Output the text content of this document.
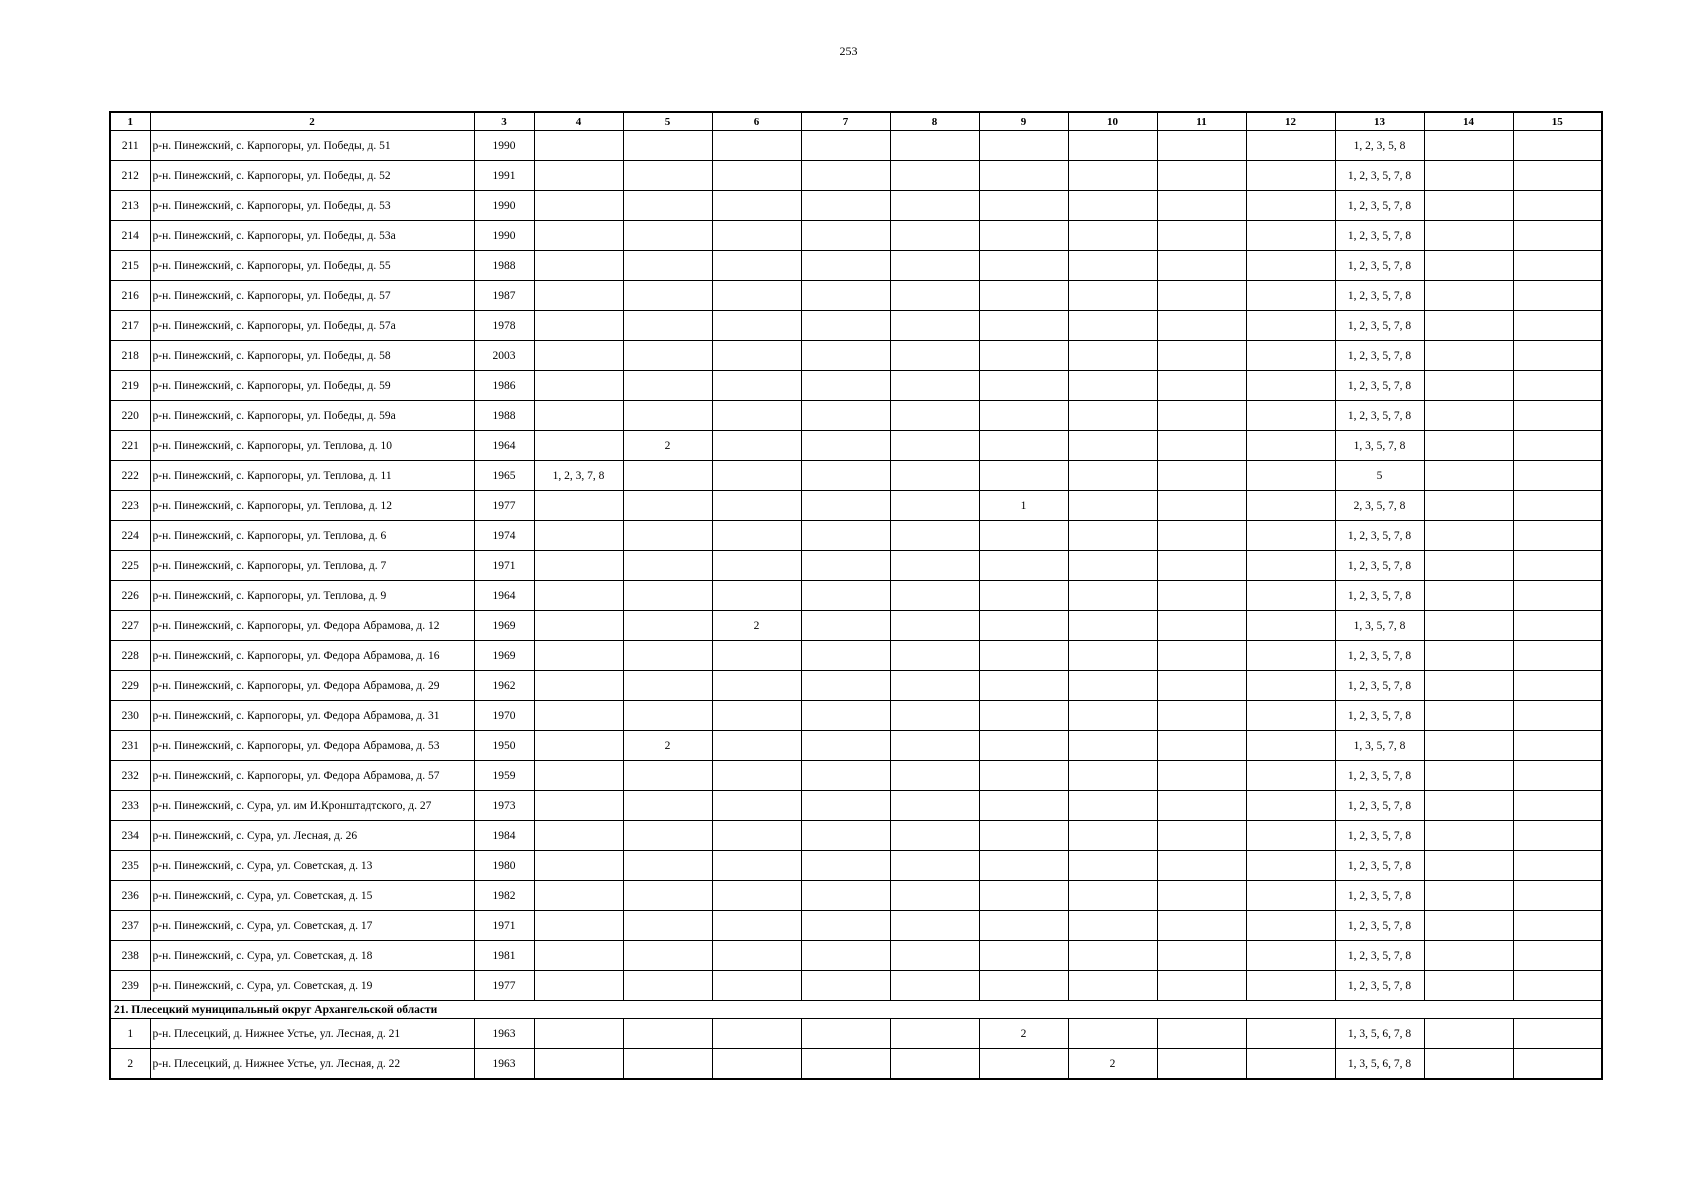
253
1	2	3	4	5	6	7	8	9	10	11	12	13	14	15
211	р-н. Пинежский, с. Карпогоры, ул. Победы, д. 51	1990										1, 2, 3, 5, 8		
212	р-н. Пинежский, с. Карпогоры, ул. Победы, д. 52	1991										1, 2, 3, 5, 7, 8		
213	р-н. Пинежский, с. Карпогоры, ул. Победы, д. 53	1990										1, 2, 3, 5, 7, 8		
214	р-н. Пинежский, с. Карпогоры, ул. Победы, д. 53а	1990										1, 2, 3, 5, 7, 8		
215	р-н. Пинежский, с. Карпогоры, ул. Победы, д. 55	1988										1, 2, 3, 5, 7, 8		
216	р-н. Пинежский, с. Карпогоры, ул. Победы, д. 57	1987										1, 2, 3, 5, 7, 8		
217	р-н. Пинежский, с. Карпогоры, ул. Победы, д. 57а	1978										1, 2, 3, 5, 7, 8		
218	р-н. Пинежский, с. Карпогоры, ул. Победы, д. 58	2003										1, 2, 3, 5, 7, 8		
219	р-н. Пинежский, с. Карпогоры, ул. Победы, д. 59	1986										1, 2, 3, 5, 7, 8		
220	р-н. Пинежский, с. Карпогоры, ул. Победы, д. 59а	1988										1, 2, 3, 5, 7, 8		
221	р-н. Пинежский, с. Карпогоры, ул. Теплова, д. 10	1964		2								1, 3, 5, 7, 8		
222	р-н. Пинежский, с. Карпогоры, ул. Теплова, д. 11	1965	1, 2, 3, 7, 8									5		
223	р-н. Пинежский, с. Карпогоры, ул. Теплова, д. 12	1977						1				2, 3, 5, 7, 8		
224	р-н. Пинежский, с. Карпогоры, ул. Теплова, д. 6	1974										1, 2, 3, 5, 7, 8		
225	р-н. Пинежский, с. Карпогоры, ул. Теплова, д. 7	1971										1, 2, 3, 5, 7, 8		
226	р-н. Пинежский, с. Карпогоры, ул. Теплова, д. 9	1964										1, 2, 3, 5, 7, 8		
227	р-н. Пинежский, с. Карпогоры, ул. Федора Абрамова, д. 12	1969			2							1, 3, 5, 7, 8		
228	р-н. Пинежский, с. Карпогоры, ул. Федора Абрамова, д. 16	1969										1, 2, 3, 5, 7, 8		
229	р-н. Пинежский, с. Карпогоры, ул. Федора Абрамова, д. 29	1962										1, 2, 3, 5, 7, 8		
230	р-н. Пинежский, с. Карпогоры, ул. Федора Абрамова, д. 31	1970										1, 2, 3, 5, 7, 8		
231	р-н. Пинежский, с. Карпогоры, ул. Федора Абрамова, д. 53	1950		2								1, 3, 5, 7, 8		
232	р-н. Пинежский, с. Карпогоры, ул. Федора Абрамова, д. 57	1959										1, 2, 3, 5, 7, 8		
233	р-н. Пинежский, с. Сура, ул. им И.Кронштадтского, д. 27	1973										1, 2, 3, 5, 7, 8		
234	р-н. Пинежский, с. Сура, ул. Лесная, д. 26	1984										1, 2, 3, 5, 7, 8		
235	р-н. Пинежский, с. Сура, ул. Советская, д. 13	1980										1, 2, 3, 5, 7, 8		
236	р-н. Пинежский, с. Сура, ул. Советская, д. 15	1982										1, 2, 3, 5, 7, 8		
237	р-н. Пинежский, с. Сура, ул. Советская, д. 17	1971										1, 2, 3, 5, 7, 8		
238	р-н. Пинежский, с. Сура, ул. Советская, д. 18	1981										1, 2, 3, 5, 7, 8		
239	р-н. Пинежский, с. Сура, ул. Советская, д. 19	1977										1, 2, 3, 5, 7, 8		
21. Плесецкий муниципальный округ Архангельской области														
1	р-н. Плесецкий, д. Нижнее Устье, ул. Лесная, д. 21	1963						2				1, 3, 5, 6, 7, 8		
2	р-н. Плесецкий, д. Нижнее Устье, ул. Лесная, д. 22	1963							2			1, 3, 5, 6, 7, 8		
